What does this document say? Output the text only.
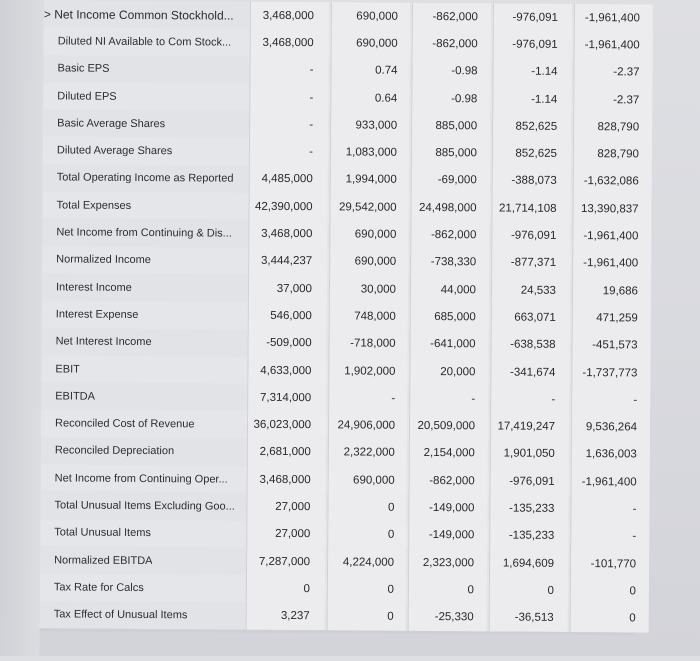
> Net Income Common Stockhold...	3,468,000	690,000	-862,000	-976,091	-1,961,400
Diluted NI Available to Com Stock...	3,468,000	690,000	-862,000	-976,091	-1,961,400
Basic EPS	-	0.74	-0.98	-1.14	-2.37
Diluted EPS	-	0.64	-0.98	-1.14	-2.37
Basic Average Shares	-	933,000	885,000	852,625	828,790
Diluted Average Shares	-	1,083,000	885,000	852,625	828,790
Total Operating Income as Reported	4,485,000	1,994,000	-69,000	-388,073	-1,632,086
Total Expenses	42,390,000	29,542,000	24,498,000	21,714,108	13,390,837
Net Income from Continuing & Dis...	3,468,000	690,000	-862,000	-976,091	-1,961,400
Normalized Income	3,444,237	690,000	-738,330	-877,371	-1,961,400
Interest Income	37,000	30,000	44,000	24,533	19,686
Interest Expense	546,000	748,000	685,000	663,071	471,259
Net Interest Income	-509,000	-718,000	-641,000	-638,538	-451,573
EBIT	4,633,000	1,902,000	20,000	-341,674	-1,737,773
EBITDA	7,314,000	-	-	-	-
Reconciled Cost of Revenue	36,023,000	24,906,000	20,509,000	17,419,247	9,536,264
Reconciled Depreciation	2,681,000	2,322,000	2,154,000	1,901,050	1,636,003
Net Income from Continuing Oper...	3,468,000	690,000	-862,000	-976,091	-1,961,400
Total Unusual Items Excluding Goo...	27,000	0	-149,000	-135,233	-
Total Unusual Items	27,000	0	-149,000	-135,233	-
Normalized EBITDA	7,287,000	4,224,000	2,323,000	1,694,609	-101,770
Tax Rate for Calcs	0	0	0	0	0
Tax Effect of Unusual Items	3,237	0	-25,330	-36,513	0
